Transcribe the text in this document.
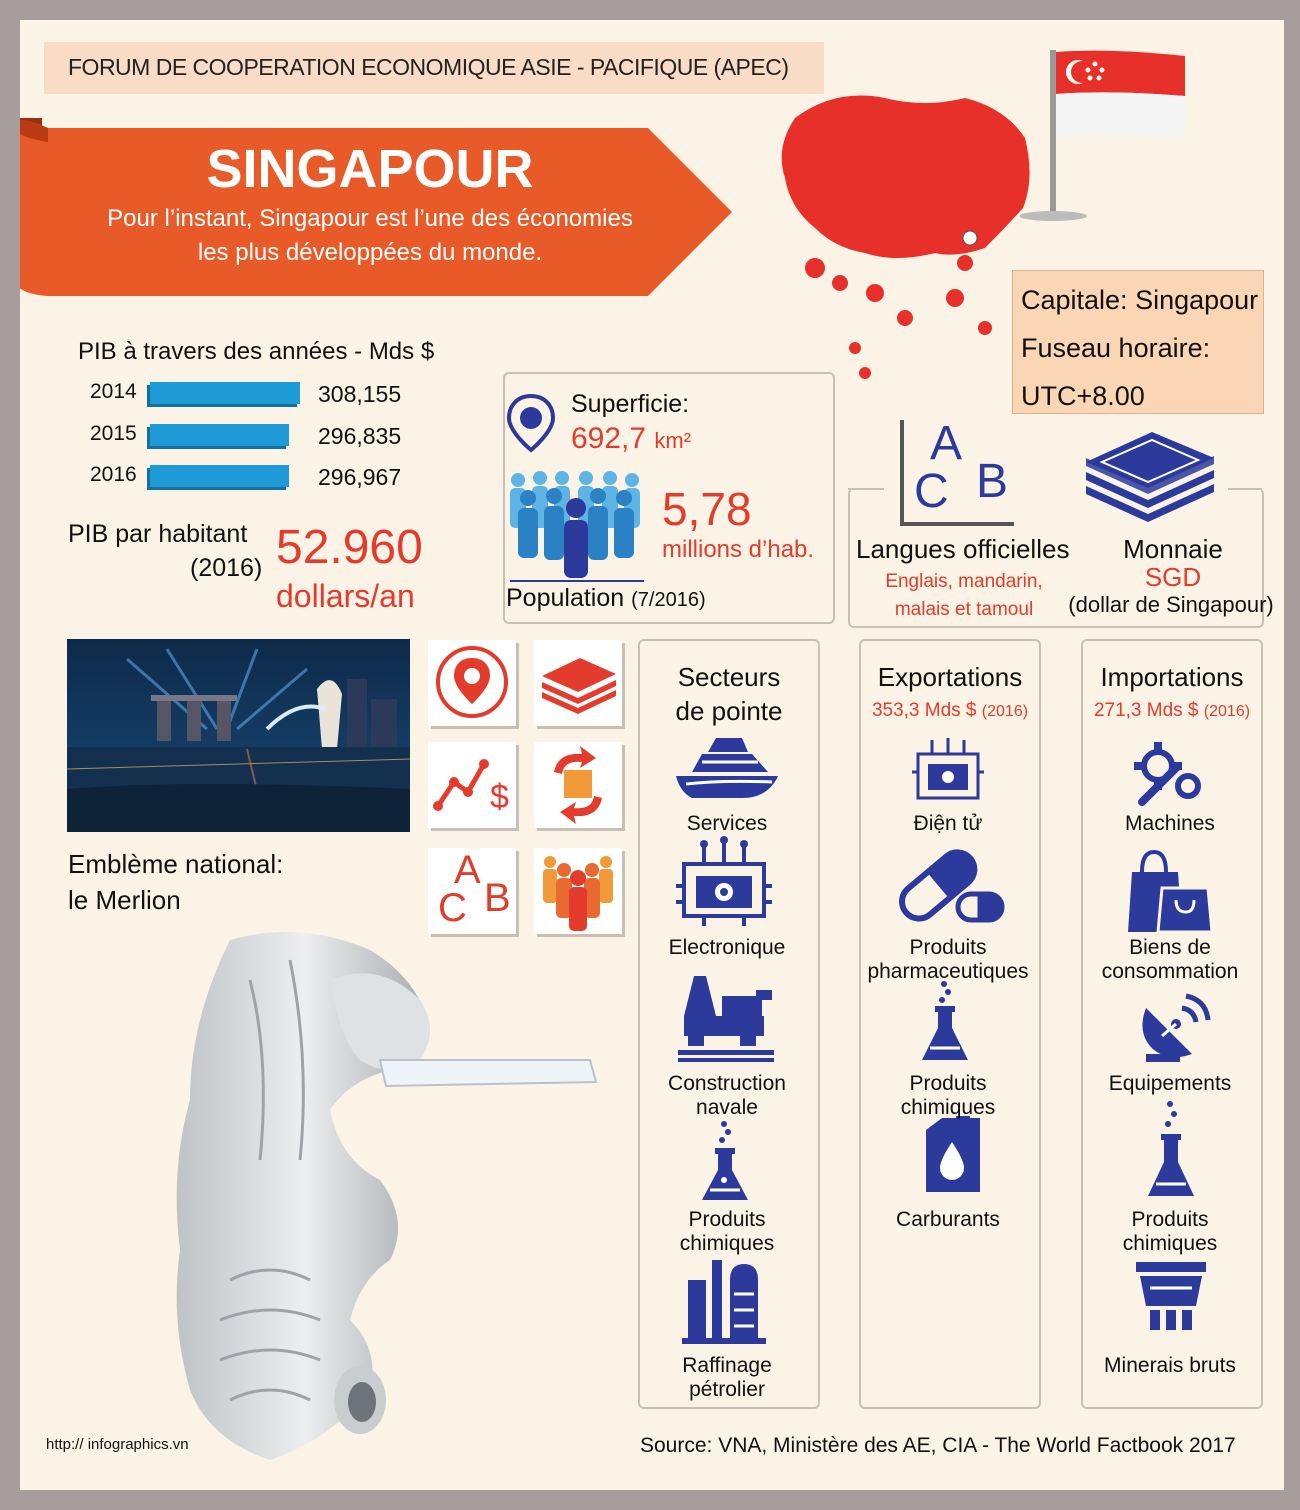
FORUM DE COOPERATION ECONOMIQUE ASIE - PACIFIQUE (APEC)
SINGAPOUR
Pour l’instant, Singapour est l’une des économies
les plus développées du monde.
Capitale: Singapour
Fuseau horaire:
UTC+8.00
PIB à travers des années - Mds $
2014	308,155
2015	296,835
2016	296,967
PIB par habitant
(2016) 52.960
dollars/an
Superficie:
692,7 km²
5,78
millions d’hab.
Population (7/2016)
A
C B
Langues officielles
Englais, mandarin,
malais et tamoul
Monnaie
SGD
(dollar de Singapour)
Emblème national:
le Merlion
$
A
C B
Secteurs
de pointe
Exportations
353,3 Mds $ (2016)
Importations
271,3 Mds $ (2016)
Services
Electronique
Construction
navale
Produits
chimiques
Raffinage
pétrolier
Điện tử
Produits
pharmaceutiques
Produits
chimiques
Carburants
Machines
Biens de
consommation
Equipements
Produits
chimiques
Minerais bruts
http:// infographics.vn	Source: VNA, Ministère des AE, CIA - The World Factbook 2017
